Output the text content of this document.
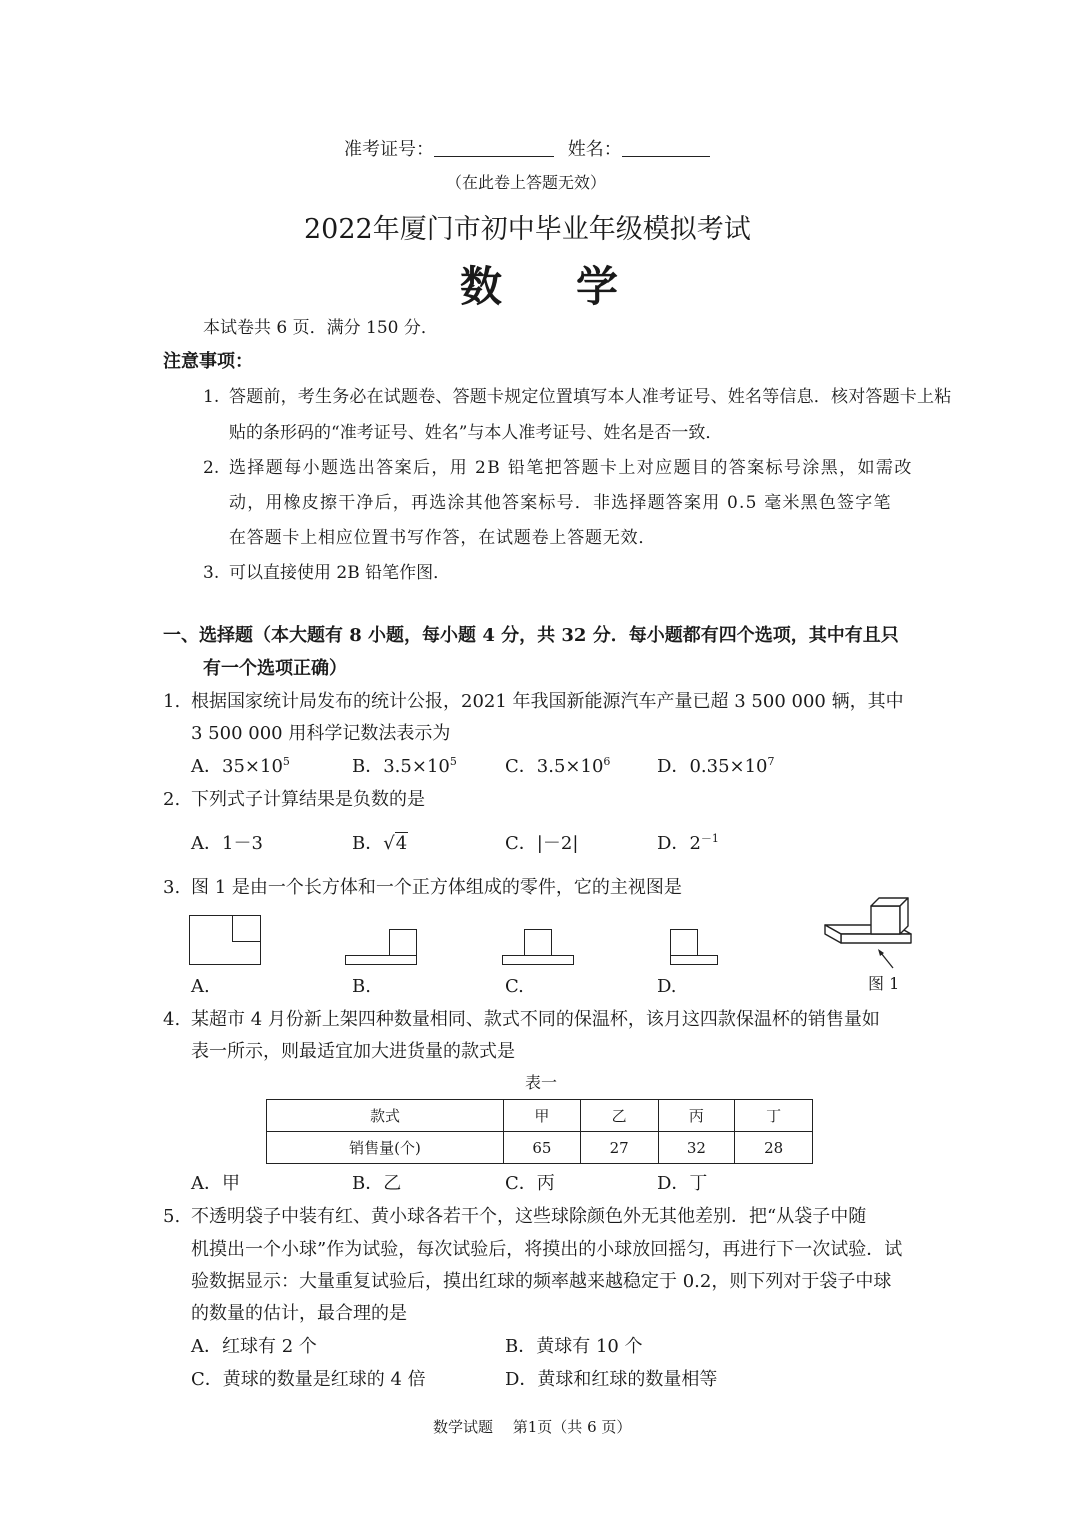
准考证号：	姓名：
（在此卷上答题无效）
2022年厦门市初中毕业年级模拟考试
数 学
本试卷共 6 页．满分 150 分．
注意事项：
1. 答题前，考生务必在试题卷、答题卡规定位置填写本人准考证号、姓名等信息．核对答题卡上粘
贴的条形码的“准考证号、姓名”与本人准考证号、姓名是否一致．
2. 选择题每小题选出答案后，用 2B 铅笔把答题卡上对应题目的答案标号涂黑，如需改
动，用橡皮擦干净后，再选涂其他答案标号．非选择题答案用 0.5 毫米黑色签字笔
在答题卡上相应位置书写作答，在试题卷上答题无效．
3. 可以直接使用 2B 铅笔作图．
一、选择题（本大题有 8 小题，每小题 4 分，共 32 分．每小题都有四个选项，其中有且只
有一个选项正确）
1. 根据国家统计局发布的统计公报，2021 年我国新能源汽车产量已超 3 500 000 辆，其中
3 500 000 用科学记数法表示为
A．$35\times 10^5$	B．$3.5\times 10^5$	C．$3.5\times 10^6$	D．$0.35\times 10^7$
2. 下列式子计算结果是负数的是
A．1－3	B．√4	C．|－2|	D．$2^{-1}$
3. 图 1 是由一个长方体和一个正方体组成的零件，它的主视图是
A.	B.	C.	D.	图 1
4. 某超市 4 月份新上架四种数量相同、款式不同的保温杯，该月这四款保温杯的销售量如
表一所示，则最适宜加大进货量的款式是
表一
款式	甲	乙	丙	丁
销售量(个)	65	27	32	28
A．甲	B．乙	C．丙	D．丁
5. 不透明袋子中装有红、黄小球各若干个，这些球除颜色外无其他差别．把“从袋子中随
机摸出一个小球”作为试验，每次试验后，将摸出的小球放回摇匀，再进行下一次试验．试
验数据显示：大量重复试验后，摸出红球的频率越来越稳定于 0.2，则下列对于袋子中球
的数量的估计，最合理的是
A．红球有 2 个	B．黄球有 10 个
C．黄球的数量是红球的 4 倍	D．黄球和红球的数量相等
数学试题　 第1页（共 6 页）
